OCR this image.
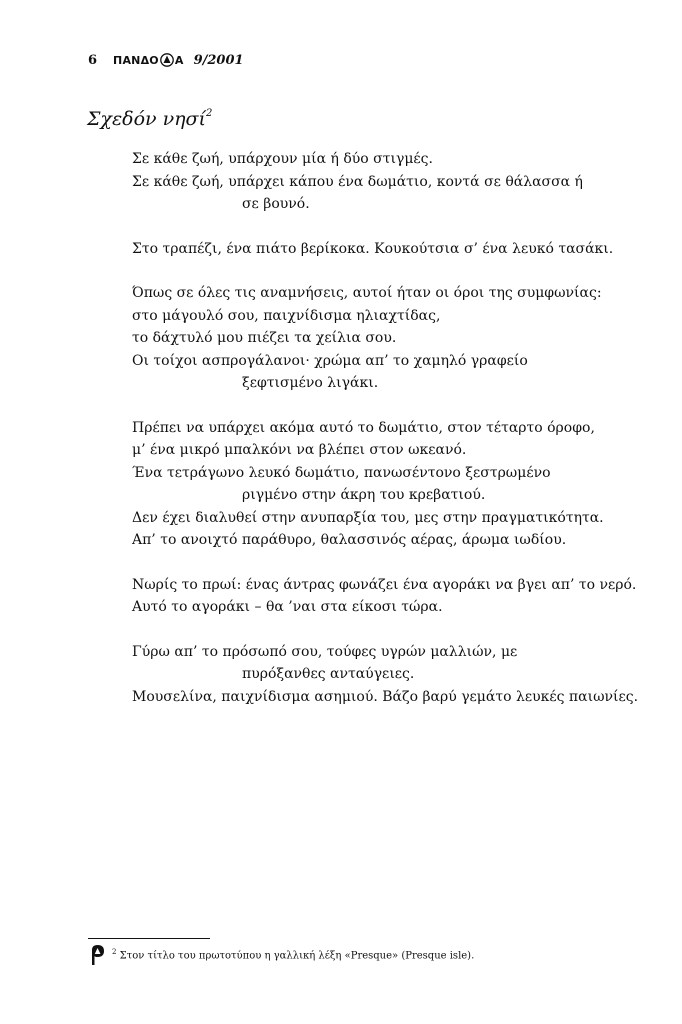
6 ΠΑΝΔΟ Α 9/2001
Σχεδόν νησί$^2$
Σε κάθε ζωή, υπάρχουν μία ή δύο στιγμές.
Σε κάθε ζωή, υπάρχει κάπου ένα δωμάτιο, κοντά σε θάλασσα ή
σε βουνό.
Στο τραπέζι, ένα πιάτο βερίκοκα. Κουκούτσια σ’ ένα λευκό τασάκι.
Όπως σε όλες τις αναμνήσεις, αυτοί ήταν οι όροι της συμφωνίας:
στο μάγουλό σου, παιχνίδισμα ηλιαχτίδας,
το δάχτυλό μου πιέζει τα χείλια σου.
Οι τοίχοι ασπρογάλανοι· χρώμα απ’ το χαμηλό γραφείο
ξεφτισμένο λιγάκι.
Πρέπει να υπάρχει ακόμα αυτό το δωμάτιο, στον τέταρτο όροφο,
μ’ ένα μικρό μπαλκόνι να βλέπει στον ωκεανό.
Ένα τετράγωνο λευκό δωμάτιο, πανωσέντονο ξεστρωμένο
ριγμένο στην άκρη του κρεβατιού.
Δεν έχει διαλυθεί στην ανυπαρξία του, μες στην πραγματικότητα.
Απ’ το ανοιχτό παράθυρο, θαλασσινός αέρας, άρωμα ιωδίου.
Νωρίς το πρωί: ένας άντρας φωνάζει ένα αγοράκι να βγει απ’ το νερό.
Αυτό το αγοράκι – θα ’ναι στα είκοσι τώρα.
Γύρω απ’ το πρόσωπό σου, τούφες υγρών μαλλιών, με
πυρόξανθες ανταύγειες.
Μουσελίνα, παιχνίδισμα ασημιού. Βάζο βαρύ γεμάτο λευκές παιωνίες.
$^2$ Στον τίτλο του πρωτοτύπου η γαλλική λέξη «Presque» (Presque isle).
